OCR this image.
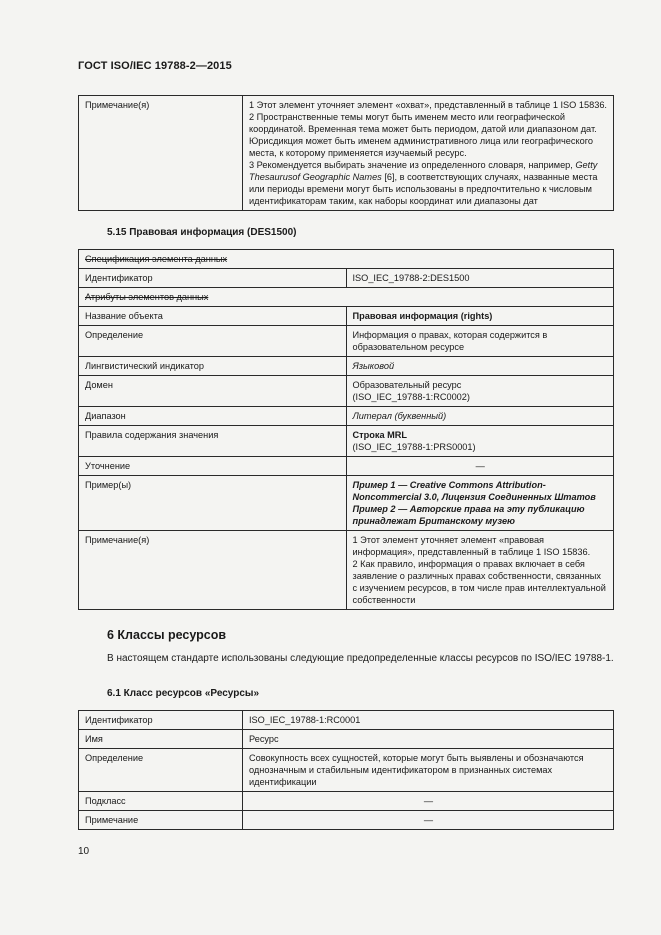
ГОСТ ISO/IEC 19788-2—2015
Примечание(я)	1 Этот элемент уточняет элемент «охват», представленный в таблице 1 ISO 15836.
2 Пространственные темы могут быть именем место или географической координатой. Временная тема может быть периодом, датой или диапазоном дат. Юрисдикция может быть именем административного лица или географического места, к которому применяется изучаемый ресурс.
3 Рекомендуется выбирать значение из определенного словаря, например, Getty Thesaurusof Geographic Names [6], в соответствующих случаях, названные места или периоды времени могут быть использованы в предпочтительно к числовым идентификаторам таким, как наборы координат или диапазоны дат
5.15 Правовая информация (DES1500)
Спецификация элемента данных	
Идентификатор	ISO_IEC_19788-2:DES1500
Атрибуты элементов данных	
Название объекта	Правовая информация (rights)
Определение	Информация о правах, которая содержится в образовательном ресурсе
Лингвистический индикатор	Языковой
Домен	Образовательный ресурс
(ISO_IEC_19788-1:RC0002)

Диапазон	Литерал (буквенный)
Правила содержания значения	Строка MRL
(ISO_IEC_19788-1:PRS0001)

Уточнение	—
Пример(ы)	Пример 1 — Creative Commons Attribution-Noncommercial 3.0, Лицензия Соединенных Штатов
Пример 2 — Авторские права на эту публикацию принадлежат Британскому музею

Примечание(я)	1 Этот элемент уточняет элемент «правовая информация», представленный в таблице 1 ISO 15836.
2 Как правило, информация о правах включает в себя заявление о различных правах собственности, связанных с изучением ресурсов, в том числе прав интеллектуальной собственности
6 Классы ресурсов
В настоящем стандарте использованы следующие предопределенные классы ресурсов по ISO/IEC 19788-1.
6.1 Класс ресурсов «Ресурсы»
Идентификатор	ISO_IEC_19788-1:RC0001
Имя	Ресурс
Определение	Совокупность всех сущностей, которые могут быть выявлены и обозначаются однозначным и стабильным идентификатором в признанных системах идентификации
Подкласс	—
Примечание	—
10
